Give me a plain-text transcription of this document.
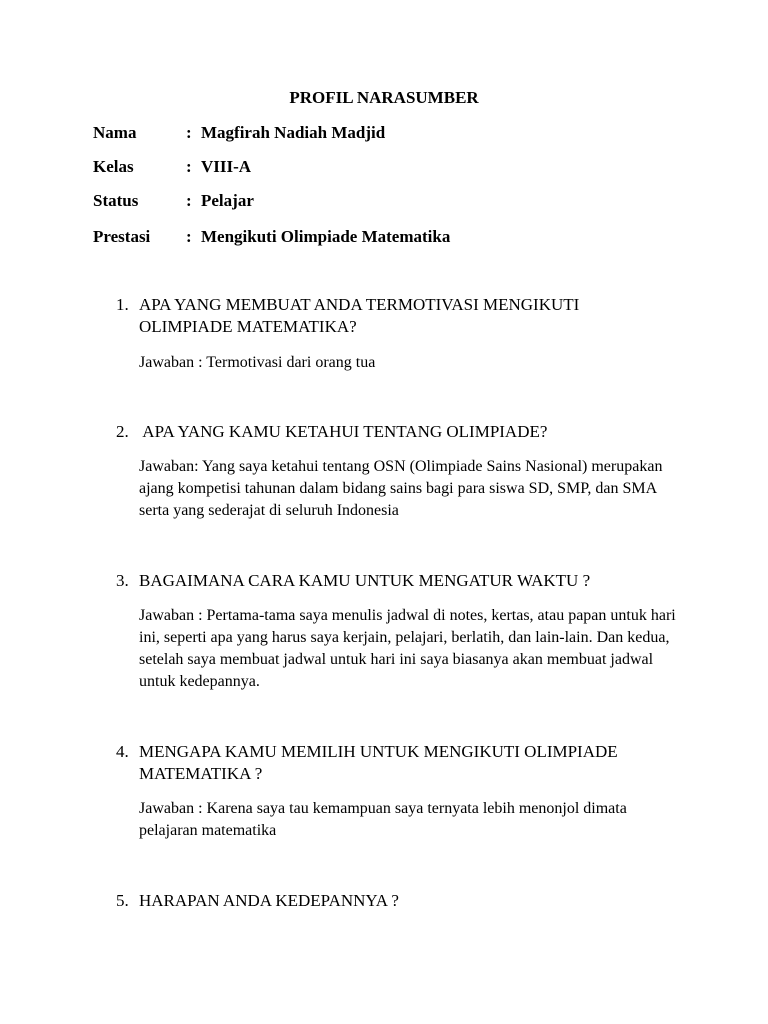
PROFIL NARASUMBER
Nama	: Magfirah Nadiah Madjid
Kelas	: VIII-A
Status	: Pelajar
Prestasi : Mengikuti Olimpiade Matematika
1. APA YANG MEMBUAT ANDA TERMOTIVASI MENGIKUTI OLIMPIADE MATEMATIKA?
Jawaban : Termotivasi dari orang tua
2. APA YANG KAMU KETAHUI TENTANG OLIMPIADE?
Jawaban: Yang saya ketahui tentang OSN (Olimpiade Sains Nasional) merupakan ajang kompetisi tahunan dalam bidang sains bagi para siswa SD, SMP, dan SMA serta yang sederajat di seluruh Indonesia
3. BAGAIMANA CARA KAMU UNTUK MENGATUR WAKTU ?
Jawaban : Pertama-tama saya menulis jadwal di notes, kertas, atau papan untuk hari ini, seperti apa yang harus saya kerjain, pelajari, berlatih, dan lain-lain. Dan kedua, setelah saya membuat jadwal untuk hari ini saya biasanya akan membuat jadwal untuk kedepannya.
4. MENGAPA KAMU MEMILIH UNTUK MENGIKUTI OLIMPIADE MATEMATIKA ?
Jawaban : Karena saya tau kemampuan saya ternyata lebih menonjol dimata pelajaran matematika
5. HARAPAN ANDA KEDEPANNYA ?
